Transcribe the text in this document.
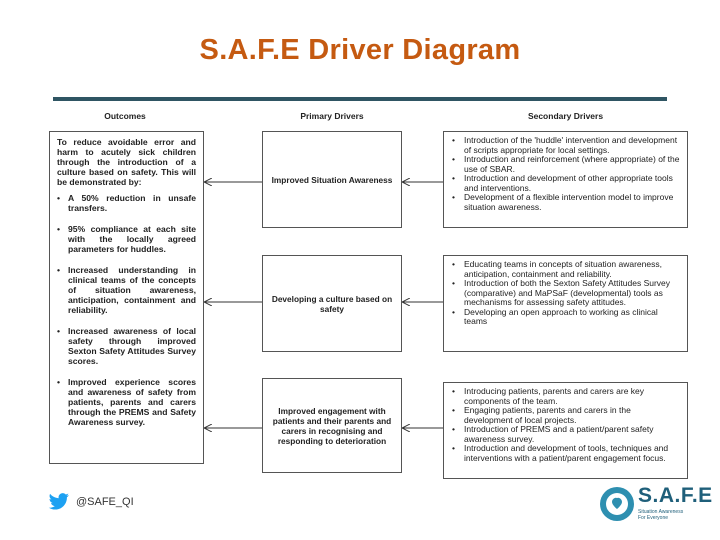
S.A.F.E Driver Diagram
Outcomes	Primary Drivers	Secondary Drivers
To reduce avoidable error and harm to acutely sick children through the introduction of a culture based on safety. This will be demonstrated by:
• A 50% reduction in unsafe transfers.
• 95% compliance at each site with the locally agreed parameters for huddles.
• Increased understanding in clinical teams of the concepts of situation awareness, anticipation, containment and reliability.
• Increased awareness of local safety through improved Sexton Safety Attitudes Survey scores.
• Improved experience scores and awareness of safety from patients, parents and carers through the PREMS and Safety Awareness survey.
Improved Situation Awareness
Developing a culture based on safety
Improved engagement with patients and their parents and carers in recognising and responding to deterioration
• Introduction of the 'huddle' intervention and development of scripts appropriate for local settings.
• Introduction and reinforcement (where appropriate) of the use of SBAR.
• Introduction and development of other appropriate tools and interventions.
• Development of a flexible intervention model to improve situation awareness.
• Educating teams in concepts of situation awareness, anticipation, containment and reliability.
• Introduction of both the Sexton Safety Attitudes Survey (comparative) and MaPSaF (developmental) tools as mechanisms for assessing safety attitudes.
• Developing an open approach to working as clinical teams
• Introducing patients, parents and carers are key components of the team.
• Engaging patients, parents and carers in the development of local projects.
• Introduction of PREMS and a patient/parent safety awareness survey.
• Introduction and development of tools, techniques and interventions with a patient/parent engagement focus.
@SAFE_QI	S.A.F.E
Situation Awareness
For Everyone
